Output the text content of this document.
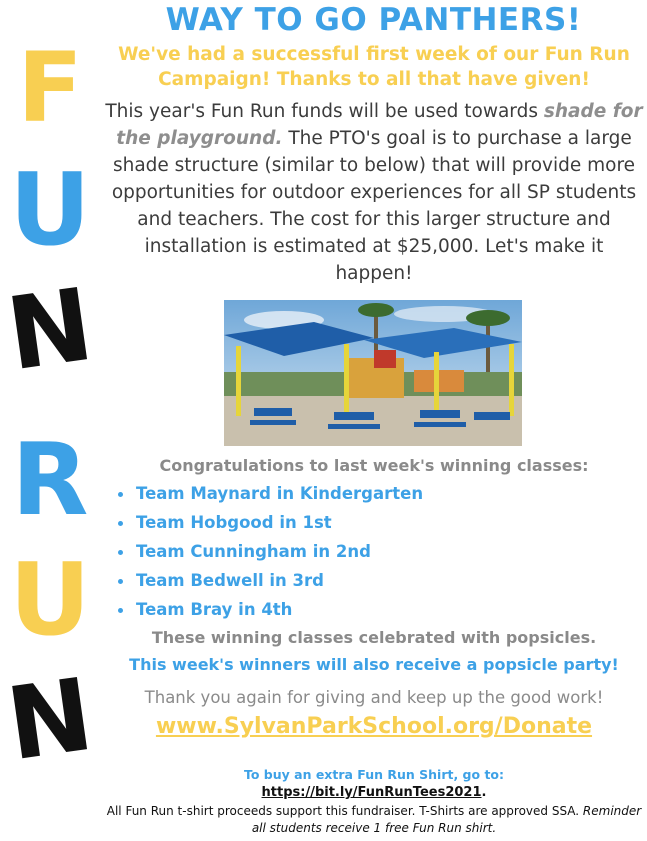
F
U
N
R
U
N
WAY TO GO PANTHERS!
We've had a successful first week of our Fun Run Campaign! Thanks to all that have given!
This year's Fun Run funds will be used towards shade for the playground. The PTO's goal is to purchase a large shade structure (similar to below) that will provide more opportunities for outdoor experiences for all SP students and teachers. The cost for this larger structure and installation is estimated at $25,000. Let's make it happen!
Congratulations to last week's winning classes:
Team Maynard in Kindergarten
Team Hobgood in 1st
Team Cunningham in 2nd
Team Bedwell in 3rd
Team Bray in 4th
These winning classes celebrated with popsicles.
This week's winners will also receive a popsicle party!
Thank you again for giving and keep up the good work!
www.SylvanParkSchool.org/Donate
To buy an extra Fun Run Shirt, go to:
https://bit.ly/FunRunTees2021.
All Fun Run t-shirt proceeds support this fundraiser. T-Shirts are approved SSA. Reminder all students receive 1 free Fun Run shirt.
